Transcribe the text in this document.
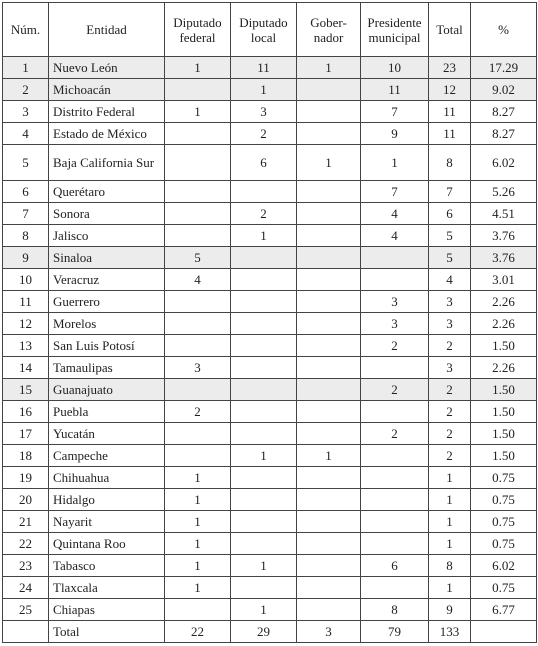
Núm.	Entidad	Diputado federal	Diputado local	Gober-nador	Presidente municipal	Total	%
1	Nuevo León	1	11	1	10	23	17.29
2	Michoacán		1		11	12	9.02
3	Distrito Federal	1	3		7	11	8.27
4	Estado de México		2		9	11	8.27
5	Baja California Sur		6	1	1	8	6.02
6	Querétaro				7	7	5.26
7	Sonora		2		4	6	4.51
8	Jalisco		1		4	5	3.76
9	Sinaloa	5				5	3.76
10	Veracruz	4				4	3.01
11	Guerrero				3	3	2.26
12	Morelos				3	3	2.26
13	San Luis Potosí				2	2	1.50
14	Tamaulipas	3				3	2.26
15	Guanajuato				2	2	1.50
16	Puebla	2				2	1.50
17	Yucatán				2	2	1.50
18	Campeche		1	1		2	1.50
19	Chihuahua	1				1	0.75
20	Hidalgo	1				1	0.75
21	Nayarit	1				1	0.75
22	Quintana Roo	1				1	0.75
23	Tabasco	1	1		6	8	6.02
24	Tlaxcala	1				1	0.75
25	Chiapas		1		8	9	6.77
	Total	22	29	3	79	133	
